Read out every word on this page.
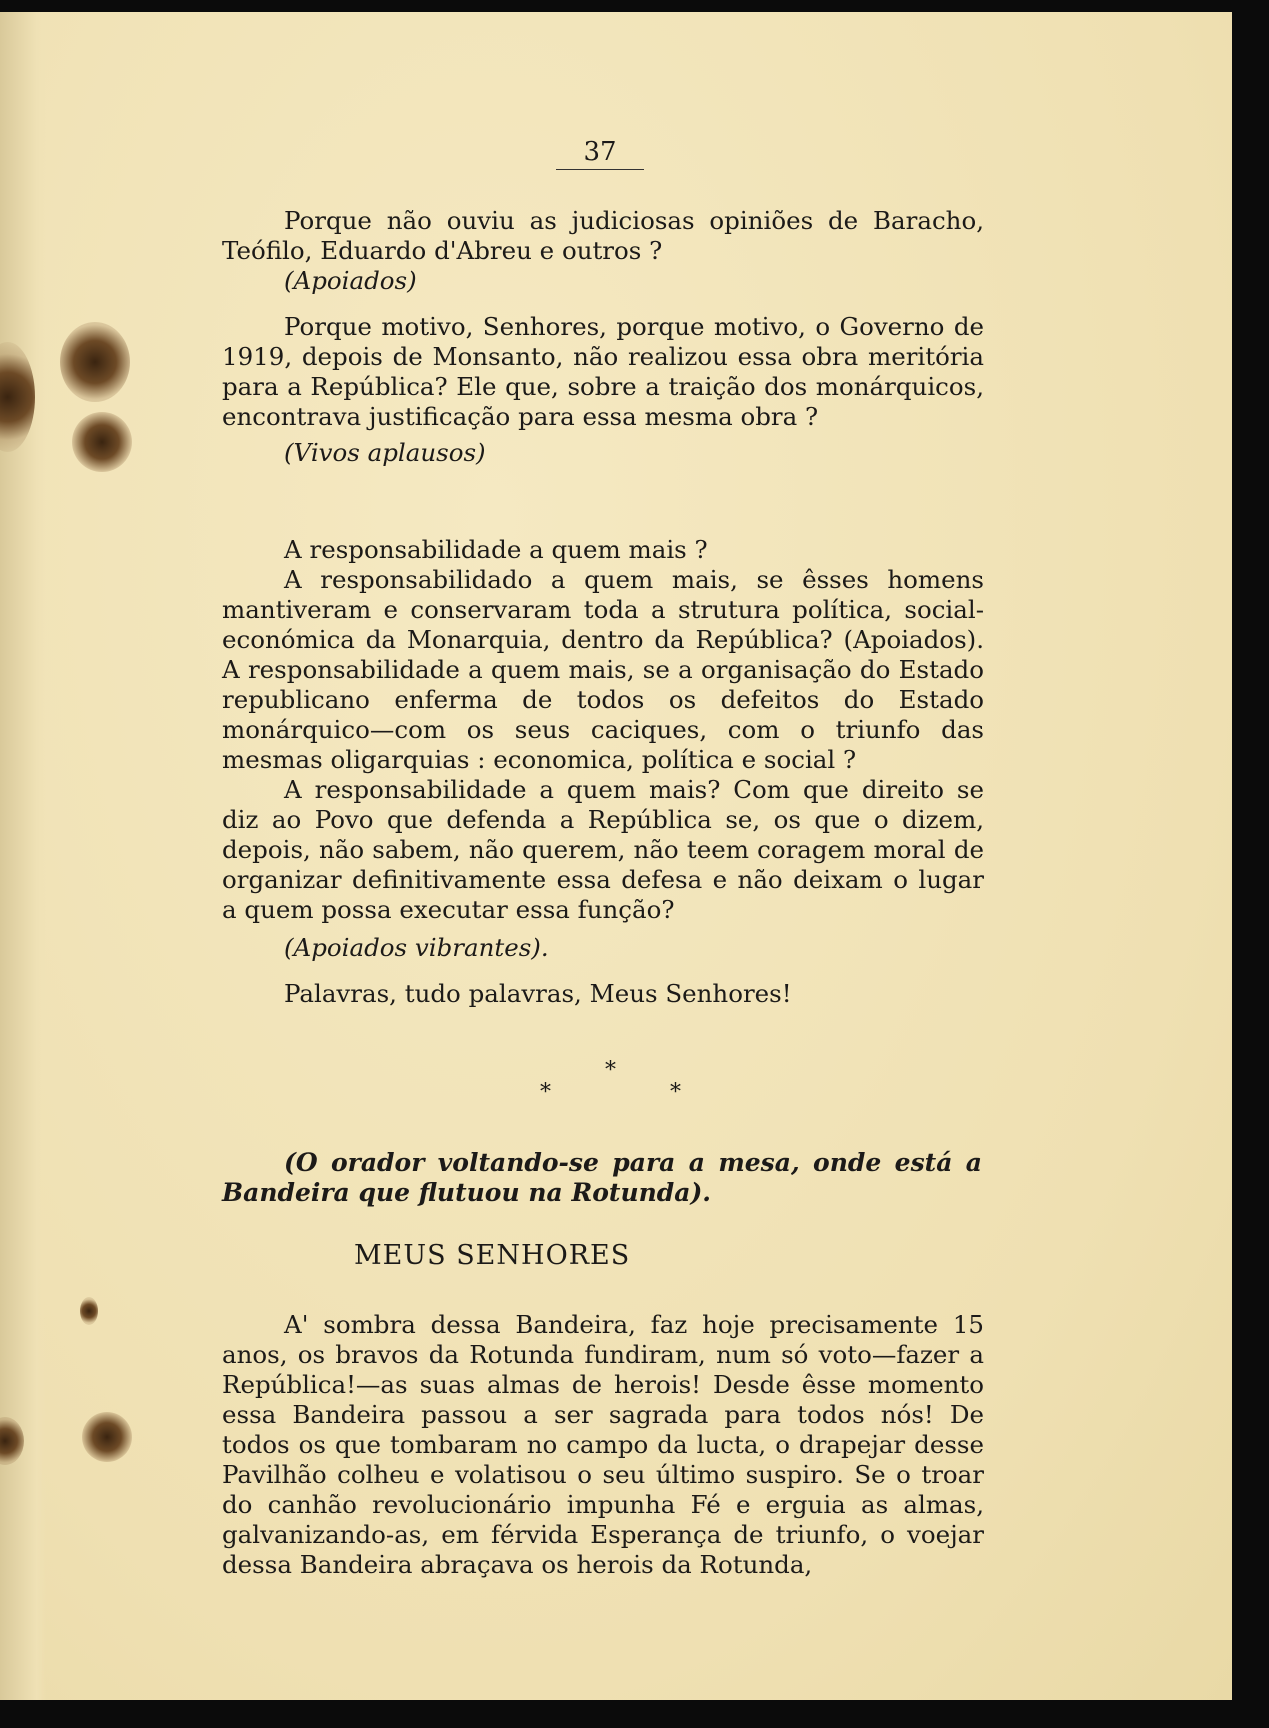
37

Porque não ouviu as judiciosas opiniões de Baracho, Teófilo, Eduardo d'Abreu e outros ?

(Apoiados)

Porque motivo, Senhores, porque motivo, o Governo de 1919, depois de Monsanto, não realizou essa obra meritória para a República? Ele que, sobre a traição dos monárquicos, encontrava justificação para essa mesma obra ?

(Vivos aplausos)

A responsabilidade a quem mais ?

A responsabilidado a quem mais, se êsses homens mantiveram e conservaram toda a strutura política, social-económica da Monarquia, dentro da República? (Apoiados). A responsabilidade a quem mais, se a organisação do Estado republicano enferma de todos os defeitos do Estado monárquico—com os seus caciques, com o triunfo das mesmas oligarquias : economica, política e social ?

A responsabilidade a quem mais? Com que direito se diz ao Povo que defenda a República se, os que o dizem, depois, não sabem, não querem, não teem coragem moral de organizar definitivamente essa defesa e não deixam o lugar a quem possa executar essa função?

(Apoiados vibrantes).

Palavras, tudo palavras, Meus Senhores!

*
*	*

(O orador voltando-se para a mesa, onde está a Bandeira que flutuou na Rotunda).

MEUS SENHORES

A' sombra dessa Bandeira, faz hoje precisamente 15 anos, os bravos da Rotunda fundiram, num só voto—fazer a República!—as suas almas de herois! Desde êsse momento essa Bandeira passou a ser sagrada para todos nós! De todos os que tombaram no campo da lucta, o drapejar desse Pavilhão colheu e volatisou o seu último suspiro. Se o troar do canhão revolucionário impunha Fé e erguia as almas, galvanizando-as, em férvida Esperança de triunfo, o voejar dessa Bandeira abraçava os herois da Rotunda,
